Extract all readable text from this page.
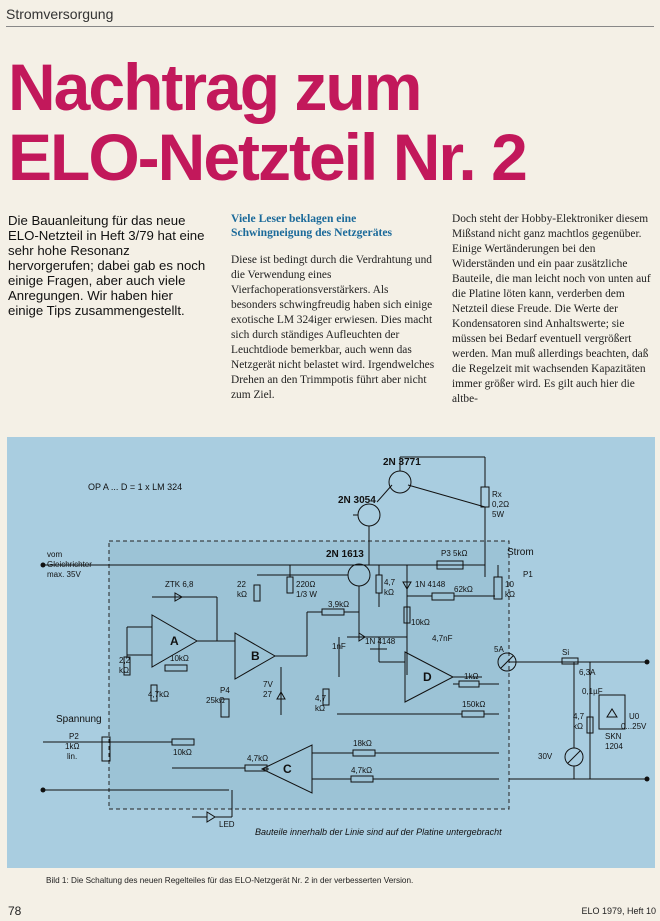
Stromversorgung
Nachtrag zum
ELO-Netzteil Nr. 2
Die Bauanleitung für das neue ELO-Netzteil in Heft 3/79 hat eine sehr hohe Resonanz hervorgerufen; dabei gab es noch einige Fragen, aber auch viele Anregungen. Wir haben hier einige Tips zusammengestellt.
Viele Leser beklagen eine Schwingneigung des Netzgerätes
Diese ist bedingt durch die Verdrahtung und die Verwendung eines Vierfachoperationsverstärkers. Als besonders schwingfreudig haben sich einige exotische LM 324iger erwiesen. Dies macht sich durch ständiges Aufleuchten der Leuchtdiode bemerkbar, auch wenn das Netzgerät nicht belastet wird. Irgendwelches Drehen an den Trimmpotis führt aber nicht zum Ziel.
Doch steht der Hobby-Elektroniker diesem Mißstand nicht ganz machtlos gegenüber. Einige Wertänderungen bei den Widerständen und ein paar zusätzliche Bauteile, die man leicht noch von unten auf die Platine löten kann, verderben dem Netzteil diese Freude. Die Werte der Kondensatoren sind Anhaltswerte; sie müssen bei Bedarf eventuell vergrößert werden. Man muß allerdings beachten, daß die Regelzeit mit wachsenden Kapazitäten immer größer wird. Es gilt auch hier die altbe-
OP A ... D = 1 x LM 324
2N 3771
2N 3054
2N 1613
Rx
0,2Ω
5W
vom
Gleichrichter
max. 35V
Strom
Spannung
ZTK 6,8	22
kΩ
220Ω
1/3 W
4,7
kΩ
P3 5kΩ
P1
10
kΩ
1N 4148
62kΩ
3,9kΩ
1N 4148
10kΩ
4,7nF
1nF
2,2
kΩ
10kΩ
4,7kΩ	P4
25kΩ
7V
27	4,7
kΩ
1kΩ
150kΩ
18kΩ
4,7kΩ
4,7kΩ
P2
1kΩ
lin.	10kΩ
A
B
C
D
LED
5A
30V
Si
6,3A
0,1µF
4,7
kΩ
U0
0...25V
SKN
1204
Bauteile innerhalb der Linie sind auf der Platine untergebracht
Bild 1: Die Schaltung des neuen Regelteiles für das ELO-Netzgerät Nr. 2 in der verbesserten Version.
78	ELO 1979, Heft 10
